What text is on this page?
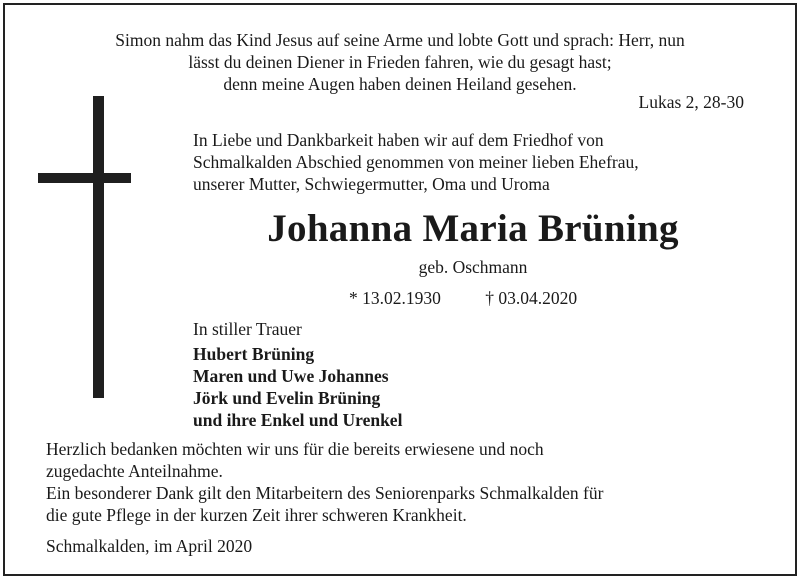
Simon nahm das Kind Jesus auf seine Arme und lobte Gott und sprach: Herr, nun
lässt du deinen Diener in Frieden fahren, wie du gesagt hast;
denn meine Augen haben deinen Heiland gesehen.
Lukas 2, 28-30
In Liebe und Dankbarkeit haben wir auf dem Friedhof von
Schmalkalden Abschied genommen von meiner lieben Ehefrau,
unserer Mutter, Schwiegermutter, Oma und Uroma
Johanna Maria Brüning
geb. Oschmann
* 13.02.1930	† 03.04.2020
In stiller Trauer
Hubert Brüning
Maren und Uwe Johannes
Jörk und Evelin Brüning
und ihre Enkel und Urenkel
Herzlich bedanken möchten wir uns für die bereits erwiesene und noch
zugedachte Anteilnahme.
Ein besonderer Dank gilt den Mitarbeitern des Seniorenparks Schmalkalden für
die gute Pflege in der kurzen Zeit ihrer schweren Krankheit.
Schmalkalden, im April 2020
